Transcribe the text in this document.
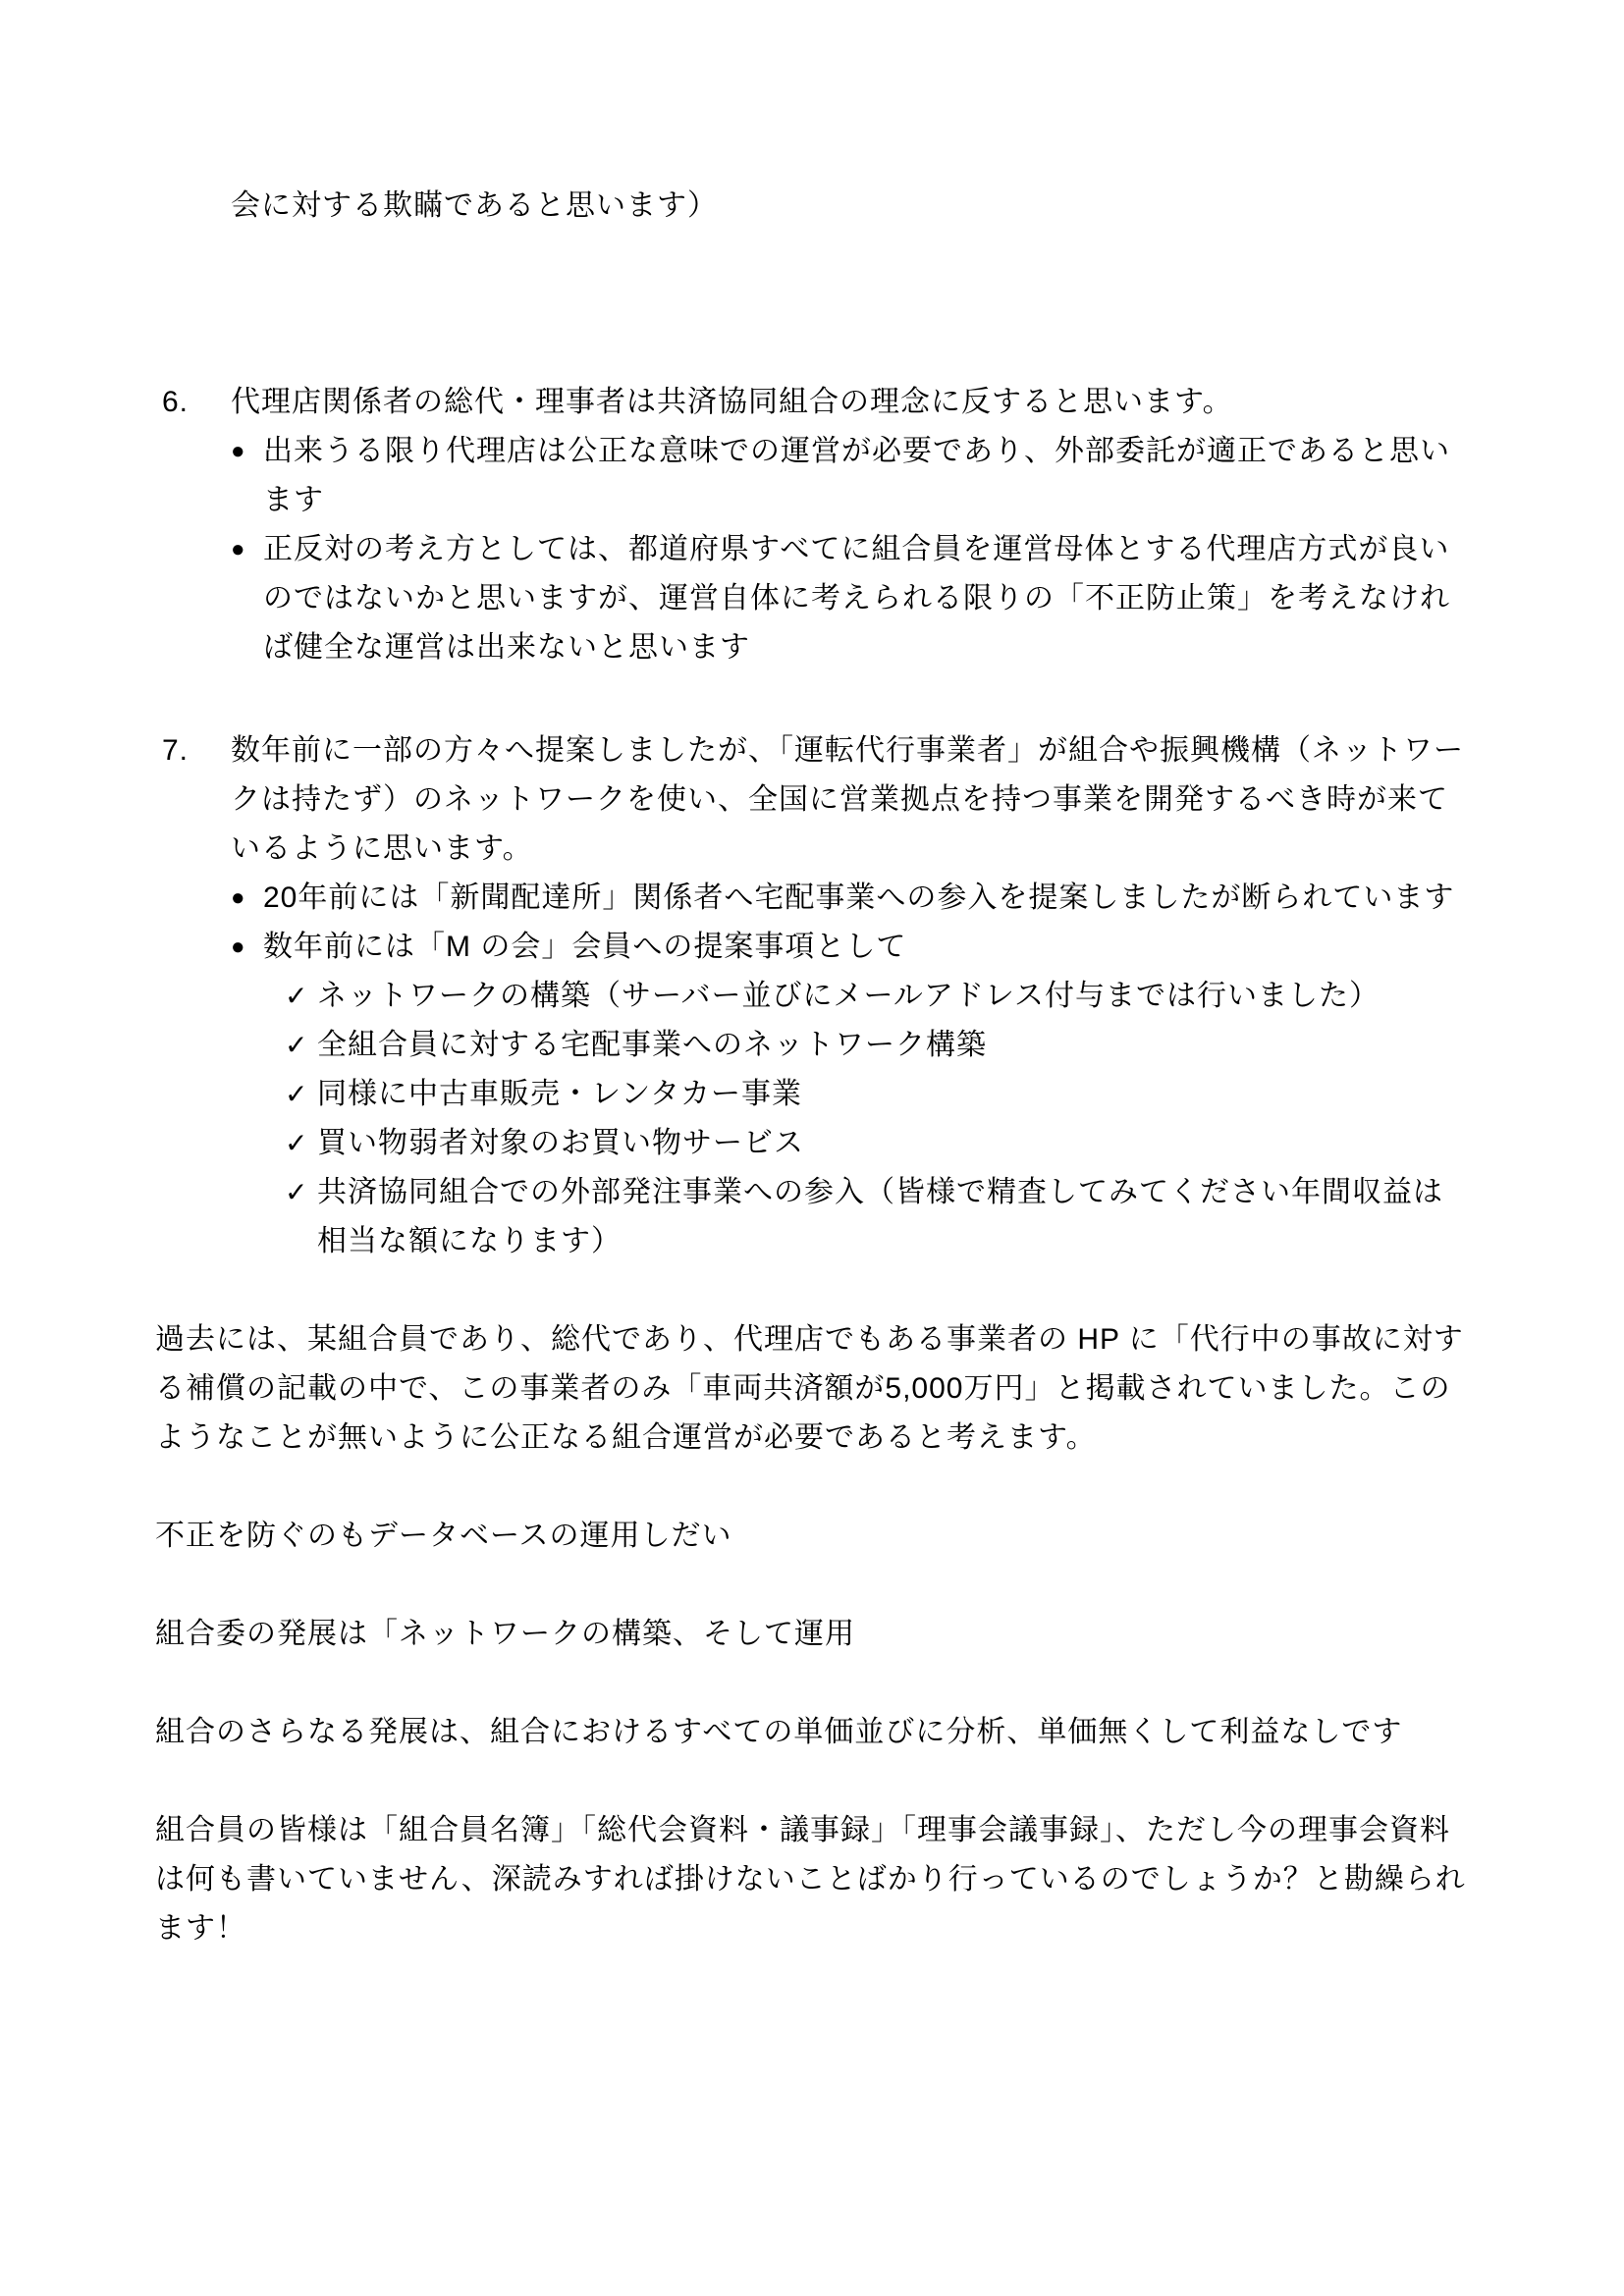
会に対する欺瞞であると思います）

6.	代理店関係者の総代・理事者は共済協同組合の理念に反すると思います。
● 出来うる限り代理店は公正な意味での運営が必要であり、外部委託が適正であると思います
● 正反対の考え方としては、都道府県すべてに組合員を運営母体とする代理店方式が良いのではないかと思いますが、運営自体に考えられる限りの「不正防止策」を考えなければ健全な運営は出来ないと思います
7.	数年前に一部の方々へ提案しましたが、「運転代行事業者」が組合や振興機構（ネットワークは持たず）のネットワークを使い、全国に営業拠点を持つ事業を開発するべき時が来ているように思います。
● 20年前には「新聞配達所」関係者へ宅配事業への参入を提案しましたが断られています
● 数年前には「M の会」会員への提案事項として
✓ ネットワークの構築（サーバー並びにメールアドレス付与までは行いました）
✓ 全組合員に対する宅配事業へのネットワーク構築
✓ 同様に中古車販売・レンタカー事業
✓ 買い物弱者対象のお買い物サービス
✓ 共済協同組合での外部発注事業への参入（皆様で精査してみてください年間収益は相当な額になります）

過去には、某組合員であり、総代であり、代理店でもある事業者の HP に「代行中の事故に対する補償の記載の中で、この事業者のみ「車両共済額が5,000万円」と掲載されていました。このようなことが無いように公正なる組合運営が必要であると考えます。

不正を防ぐのもデータベースの運用しだい

組合委の発展は「ネットワークの構築、そして運用

組合のさらなる発展は、組合におけるすべての単価並びに分析、単価無くして利益なしです

組合員の皆様は「組合員名簿」「総代会資料・議事録」「理事会議事録」、ただし今の理事会資料は何も書いていません、深読みすれば掛けないことばかり行っているのでしょうか？と勘繰られます！
